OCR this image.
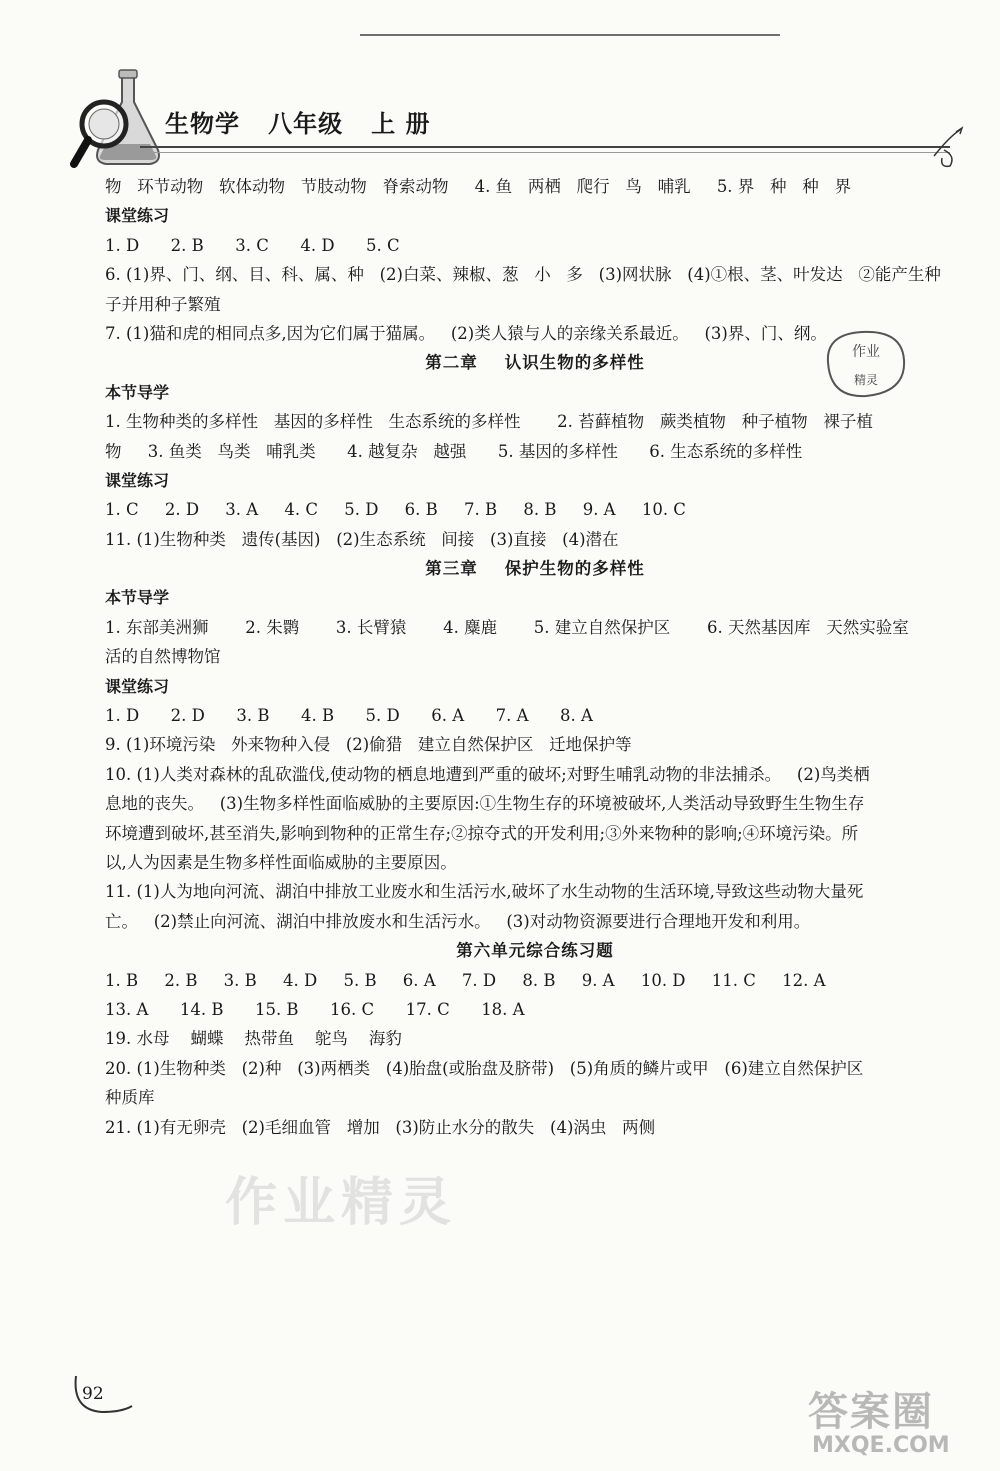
生物学   八年级   上 册
物   环节动物   软体动物   节肢动物   脊索动物     4. 鱼   两栖   爬行   鸟   哺乳     5. 界   种   种   界
课堂练习
1. D      2. B      3. C      4. D      5. C
6. (1)界、门、纲、目、科、属、种   (2)白菜、辣椒、葱   小   多   (3)网状脉   (4)①根、茎、叶发达   ②能产生种
子并用种子繁殖
7. (1)猫和虎的相同点多,因为它们属于猫属。   (2)类人猿与人的亲缘关系最近。   (3)界、门、纲。
第二章    认识生物的多样性
本节导学
1. 生物种类的多样性   基因的多样性   生态系统的多样性       2. 苔藓植物   蕨类植物   种子植物   裸子植
物     3. 鱼类   鸟类   哺乳类      4. 越复杂   越强      5. 基因的多样性      6. 生态系统的多样性
课堂练习
1. C     2. D     3. A     4. C     5. D     6. B     7. B     8. B     9. A     10. C
11. (1)生物种类   遗传(基因)   (2)生态系统   间接   (3)直接   (4)潜在
第三章    保护生物的多样性
本节导学
1. 东部美洲狮       2. 朱鹮       3. 长臂猿       4. 麋鹿       5. 建立自然保护区       6. 天然基因库   天然实验室
活的自然博物馆
课堂练习
1. D      2. D      3. B      4. B      5. D      6. A      7. A      8. A
9. (1)环境污染   外来物种入侵   (2)偷猎   建立自然保护区   迁地保护等
10. (1)人类对森林的乱砍滥伐,使动物的栖息地遭到严重的破坏;对野生哺乳动物的非法捕杀。   (2)鸟类栖
息地的丧失。   (3)生物多样性面临威胁的主要原因:①生物生存的环境被破坏,人类活动导致野生生物生存
环境遭到破坏,甚至消失,影响到物种的正常生存;②掠夺式的开发利用;③外来物种的影响;④环境污染。所
以,人为因素是生物多样性面临威胁的主要原因。
11. (1)人为地向河流、湖泊中排放工业废水和生活污水,破坏了水生动物的生活环境,导致这些动物大量死
亡。   (2)禁止向河流、湖泊中排放废水和生活污水。   (3)对动物资源要进行合理地开发和利用。
第六单元综合练习题
1. B     2. B     3. B     4. D     5. B     6. A     7. D     8. B     9. A     10. D     11. C     12. A
13. A      14. B      15. B      16. C      17. C      18. A
19. 水母    蝴蝶    热带鱼    鸵鸟    海豹
20. (1)生物种类   (2)种   (3)两栖类   (4)胎盘(或胎盘及脐带)   (5)角质的鳞片或甲   (6)建立自然保护区
种质库
21. (1)有无卵壳   (2)毛细血管   增加   (3)防止水分的散失   (4)涡虫   两侧
作业
精灵
作业精灵
92	答案圈
MXQE.COM
